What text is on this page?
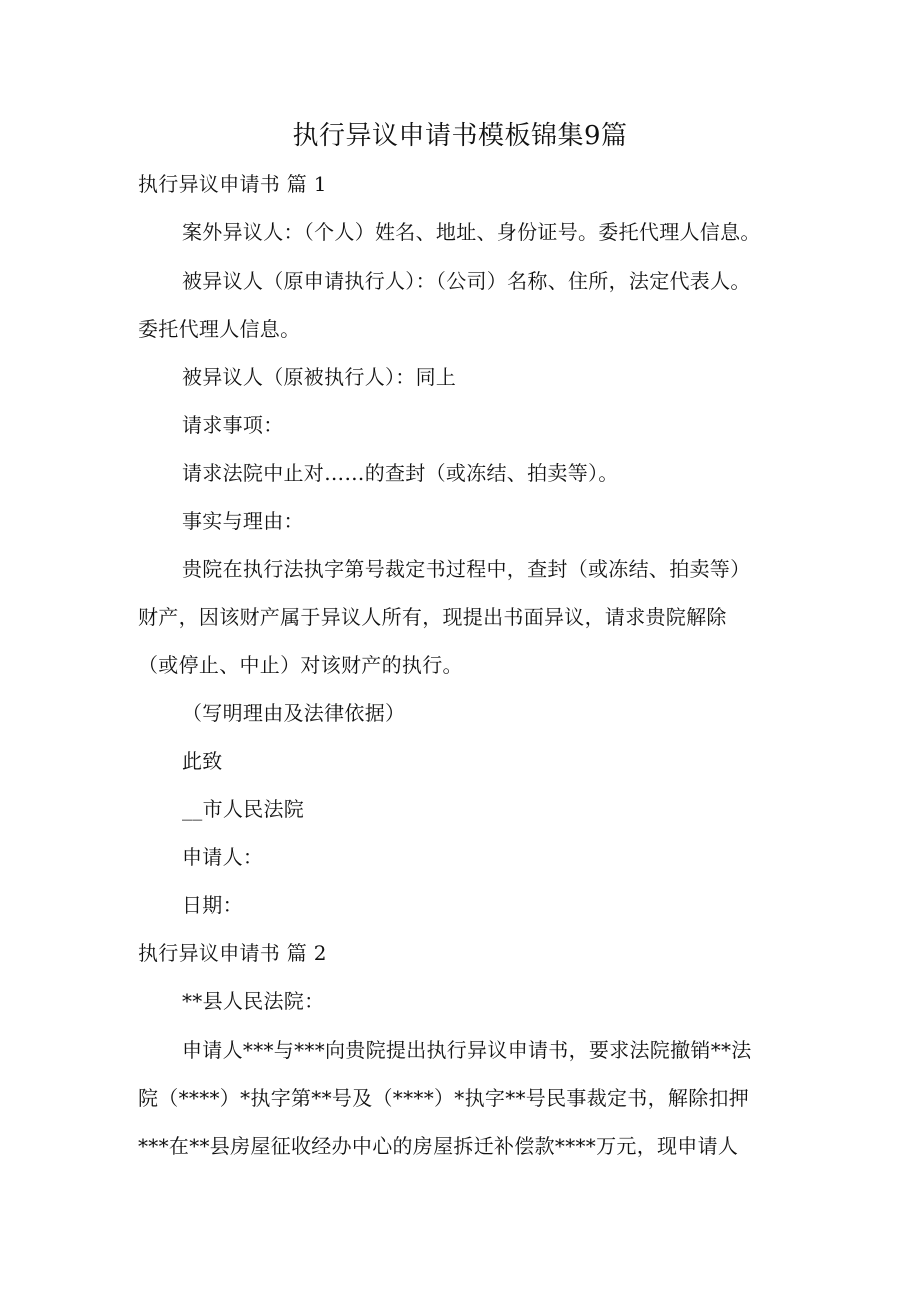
执行异议申请书模板锦集9篇
执行异议申请书 篇 1
案外异议人：（个人）姓名、地址、身份证号。委托代理人信息。
被异议人（原申请执行人）：（公司）名称、住所，法定代表人。
委托代理人信息。
被异议人（原被执行人）：同上
请求事项：
请求法院中止对……的查封（或冻结、拍卖等）。
事实与理由：
贵院在执行法执字第号裁定书过程中，查封（或冻结、拍卖等）
财产，因该财产属于异议人所有，现提出书面异议，请求贵院解除
（或停止、中止）对该财产的执行。
（写明理由及法律依据）
此致
__市人民法院
申请人：
日期：
执行异议申请书 篇 2
**县人民法院：
申请人***与***向贵院提出执行异议申请书，要求法院撤销**法
院（****）*执字第**号及（****）*执字**号民事裁定书，解除扣押
***在**县房屋征收经办中心的房屋拆迁补偿款****万元，现申请人
